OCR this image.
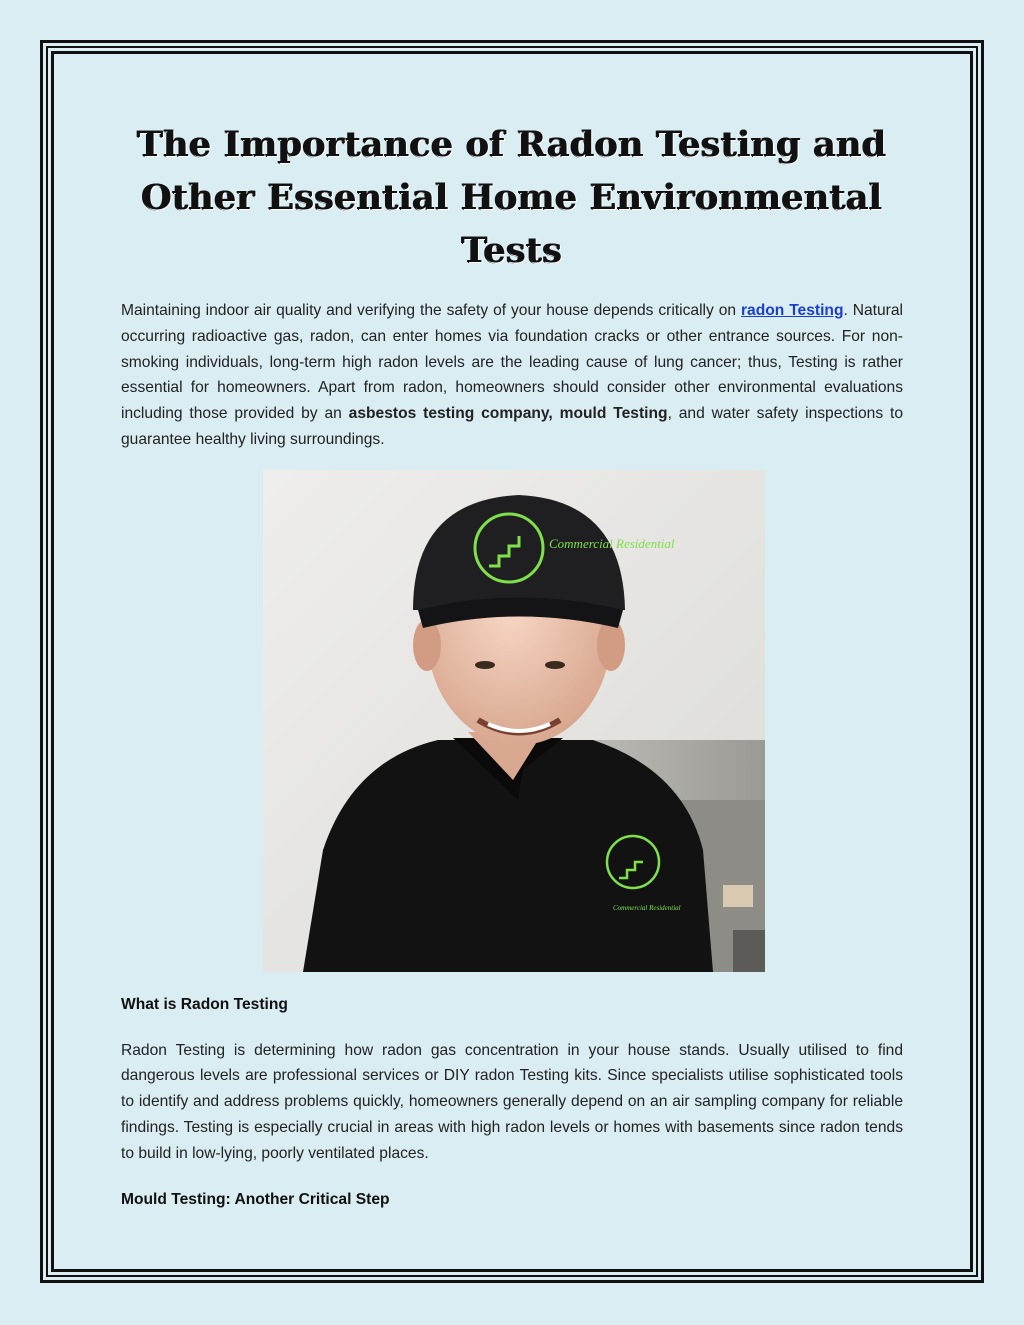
The Importance of Radon Testing and Other Essential Home Environmental Tests

Maintaining indoor air quality and verifying the safety of your house depends critically on radon Testing. Natural occurring radioactive gas, radon, can enter homes via foundation cracks or other entrance sources. For non-smoking individuals, long-term high radon levels are the leading cause of lung cancer; thus, Testing is rather essential for homeowners. Apart from radon, homeowners should consider other environmental evaluations including those provided by an asbestos testing company, mould Testing, and water safety inspections to guarantee healthy living surroundings.

Commercial Residential
Commercial Residential

What is Radon Testing

Radon Testing is determining how radon gas concentration in your house stands. Usually utilised to find dangerous levels are professional services or DIY radon Testing kits. Since specialists utilise sophisticated tools to identify and address problems quickly, homeowners generally depend on an air sampling company for reliable findings. Testing is especially crucial in areas with high radon levels or homes with basements since radon tends to build in low-lying, poorly ventilated places.

Mould Testing: Another Critical Step
